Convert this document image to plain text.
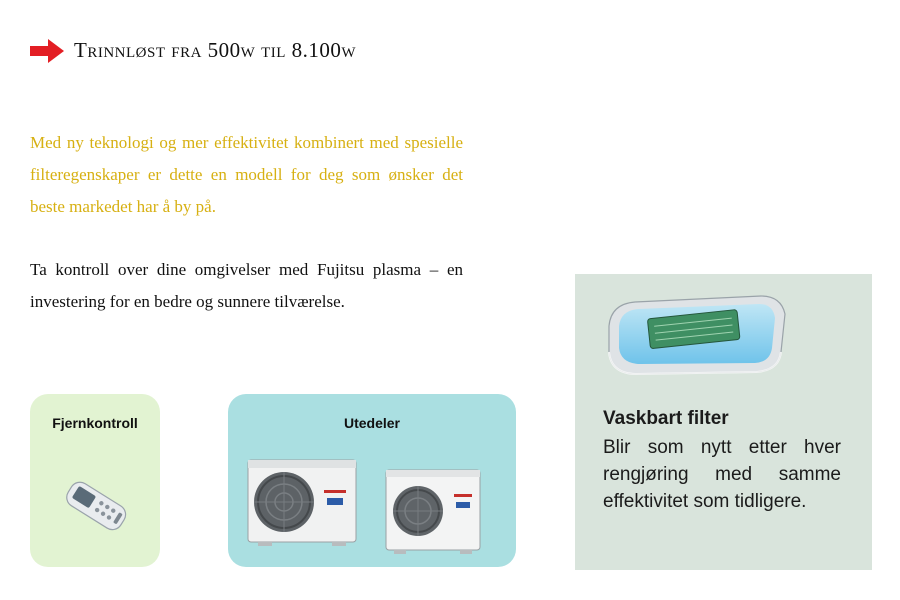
Trinnløst fra 500w til 8.100w

Med ny teknologi og mer effektivitet kombinert med spesielle filteregenskaper er dette en modell for deg som ønsker det beste markedet har å by på.

Ta kontroll over dine omgivelser med Fujitsu plasma – en investering for en bedre og sunnere tilværelse.

Fjernkontroll	Utedeler	Vaskbart filter

Blir som nytt etter hver rengjøring med samme effektivitet som tidligere.
